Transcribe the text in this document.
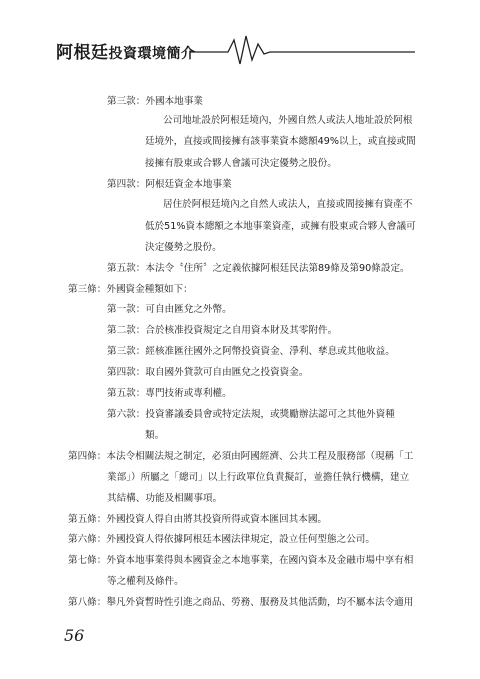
阿根廷投資環境簡介
第三款：外國本地事業
公司地址設於阿根廷境內，外國自然人或法人地址設於阿根
廷境外，直接或間接擁有該事業資本總額49%以上，或直接或間
接擁有股東或合夥人會議可決定優勢之股份。
第四款：阿根廷資金本地事業
居住於阿根廷境內之自然人或法人，直接或間接擁有資產不
低於51%資本總額之本地事業資產，或擁有股東或合夥人會議可
決定優勢之股份。
第五款：本法令〝住所〞之定義依據阿根廷民法第89條及第90條設定。
第三條：外國資金種類如下：
第一款：可自由匯兌之外幣。
第二款：合於核准投資規定之自用資本財及其零附件。
第三款：經核准匯往國外之阿幣投資資金、淨利、孳息或其他收益。
第四款：取自國外貸款可自由匯兌之投資資金。
第五款：專門技術或專利權。
第六款：投資審議委員會或特定法規，或獎勵辦法認可之其他外資種
類。
第四條：本法令相關法規之制定，必須由阿國經濟、公共工程及服務部（現稱「工
業部」）所屬之「總司」以上行政單位負責擬訂，並擔任執行機構，建立
其結構、功能及相關事項。
第五條：外國投資人得自由將其投資所得或資本匯回其本國。
第六條：外國投資人得依據阿根廷本國法律規定，設立任何型態之公司。
第七條：外資本地事業得與本國資金之本地事業，在國內資本及金融市場中享有相
等之權利及條件。
第八條：舉凡外資暫時性引進之商品、勞務、服務及其他活動，均不屬本法令適用
56
